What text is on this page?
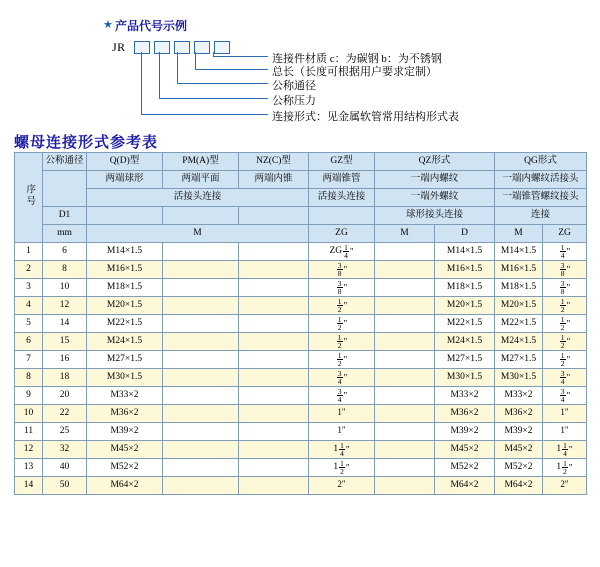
★ 产品代号示例
JR
连接件材质 c：为碳钢 b：为不锈钢
总长（长度可根据用户要求定制）
公称通径
公称压力
连接形式：见金属软管常用结构形式表
螺母连接形式参考表
序号	公称通径	Q(D)型	PM(A)型	NZ(C)型	GZ型	QZ形式		QG形式	
		两端球形	两端平面	两端内锥	两端锥管	一端内螺纹		一端内螺纹活接头	
		活接头连接			活接头连接	一端外螺纹		一端锥管螺纹接头	
	D1					球形接头连接		连接	
	mm	M			ZG	M	D	M	ZG
1	6	M14×1.5			ZG $\frac{1}{4}$ "		M14×1.5	M14×1.5	$\frac{1}{4}$ "
2	8	M16×1.5			$\frac{3}{8}$ "		M16×1.5	M16×1.5	$\frac{3}{8}$ "
3	10	M18×1.5			$\frac{3}{8}$ "		M18×1.5	M18×1.5	$\frac{3}{8}$ "
4	12	M20×1.5			$\frac{1}{2}$ "		M20×1.5	M20×1.5	$\frac{1}{2}$ "
5	14	M22×1.5			$\frac{1}{2}$ "		M22×1.5	M22×1.5	$\frac{1}{2}$ "
6	15	M24×1.5			$\frac{1}{2}$ "		M24×1.5	M24×1.5	$\frac{1}{2}$ "
7	16	M27×1.5			$\frac{1}{2}$ "		M27×1.5	M27×1.5	$\frac{1}{2}$ "
8	18	M30×1.5			$\frac{3}{4}$ "		M30×1.5	M30×1.5	$\frac{3}{4}$ "
9	20	M33×2			$\frac{3}{4}$ "		M33×2	M33×2	$\frac{3}{4}$ "
10	22	M36×2			1"		M36×2	M36×2	1"
11	25	M39×2			1"		M39×2	M39×2	1"
12	32	M45×2			$1 \frac{1}{4}$ "		M45×2	M45×2	$1 \frac{1}{4}$ "
13	40	M52×2			$1 \frac{1}{2}$ "		M52×2	M52×2	$1 \frac{1}{2}$ "
14	50	M64×2			2"		M64×2	M64×2	2"
